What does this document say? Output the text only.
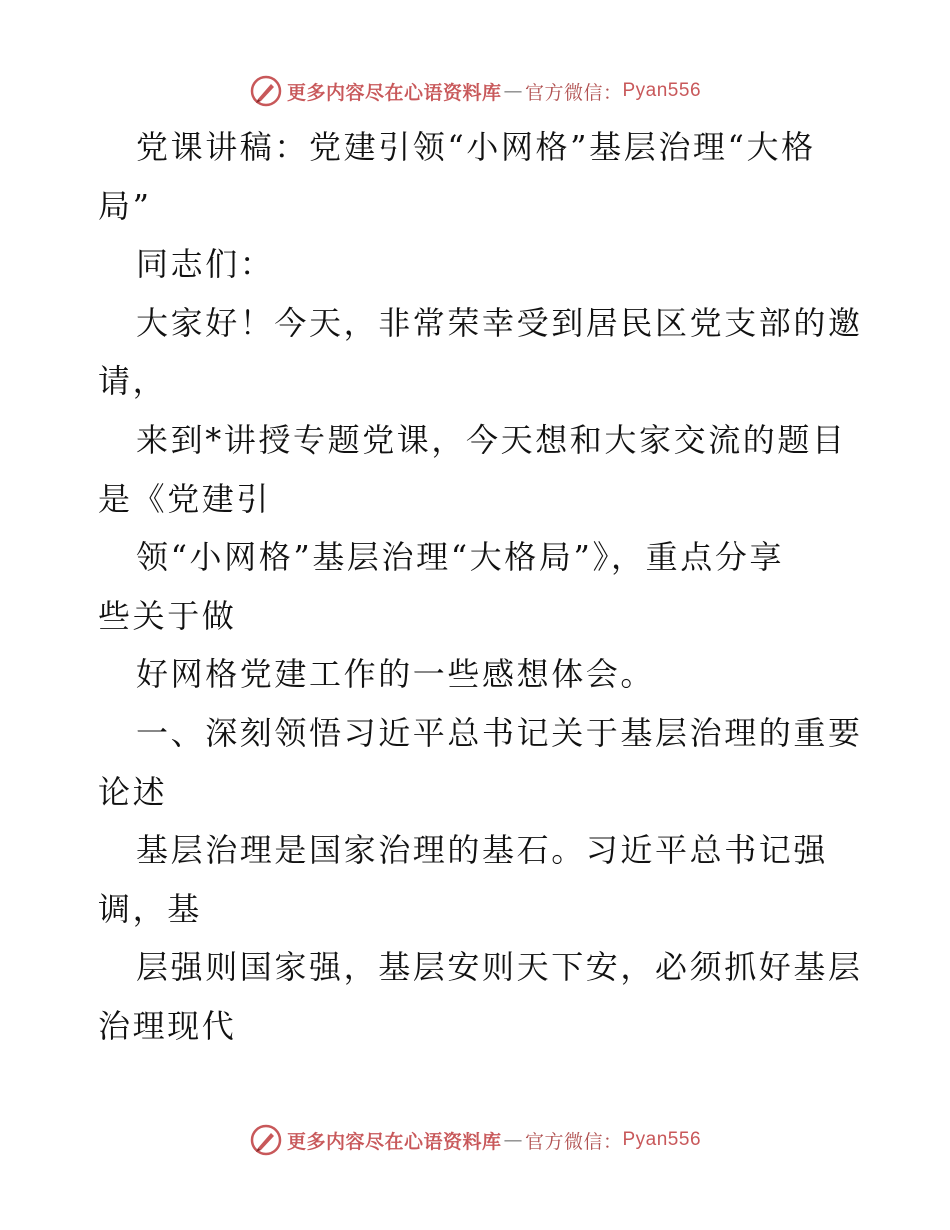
更多内容尽在心语资料库 — 官方微信： Pyan556
党课讲稿：党建引领“小网格”基层治理“大格
局”
同志们：
大家好！今天，非常荣幸受到居民区党支部的邀
请，
来到*讲授专题党课，今天想和大家交流的题目
是《党建引
领“小网格”基层治理“大格局”》，重点分享
些关于做
好网格党建工作的一些感想体会。
一、深刻领悟习近平总书记关于基层治理的重要
论述
基层治理是国家治理的基石。习近平总书记强
调，基
层强则国家强，基层安则天下安，必须抓好基层
治理现代
更多内容尽在心语资料库 — 官方微信： Pyan556
